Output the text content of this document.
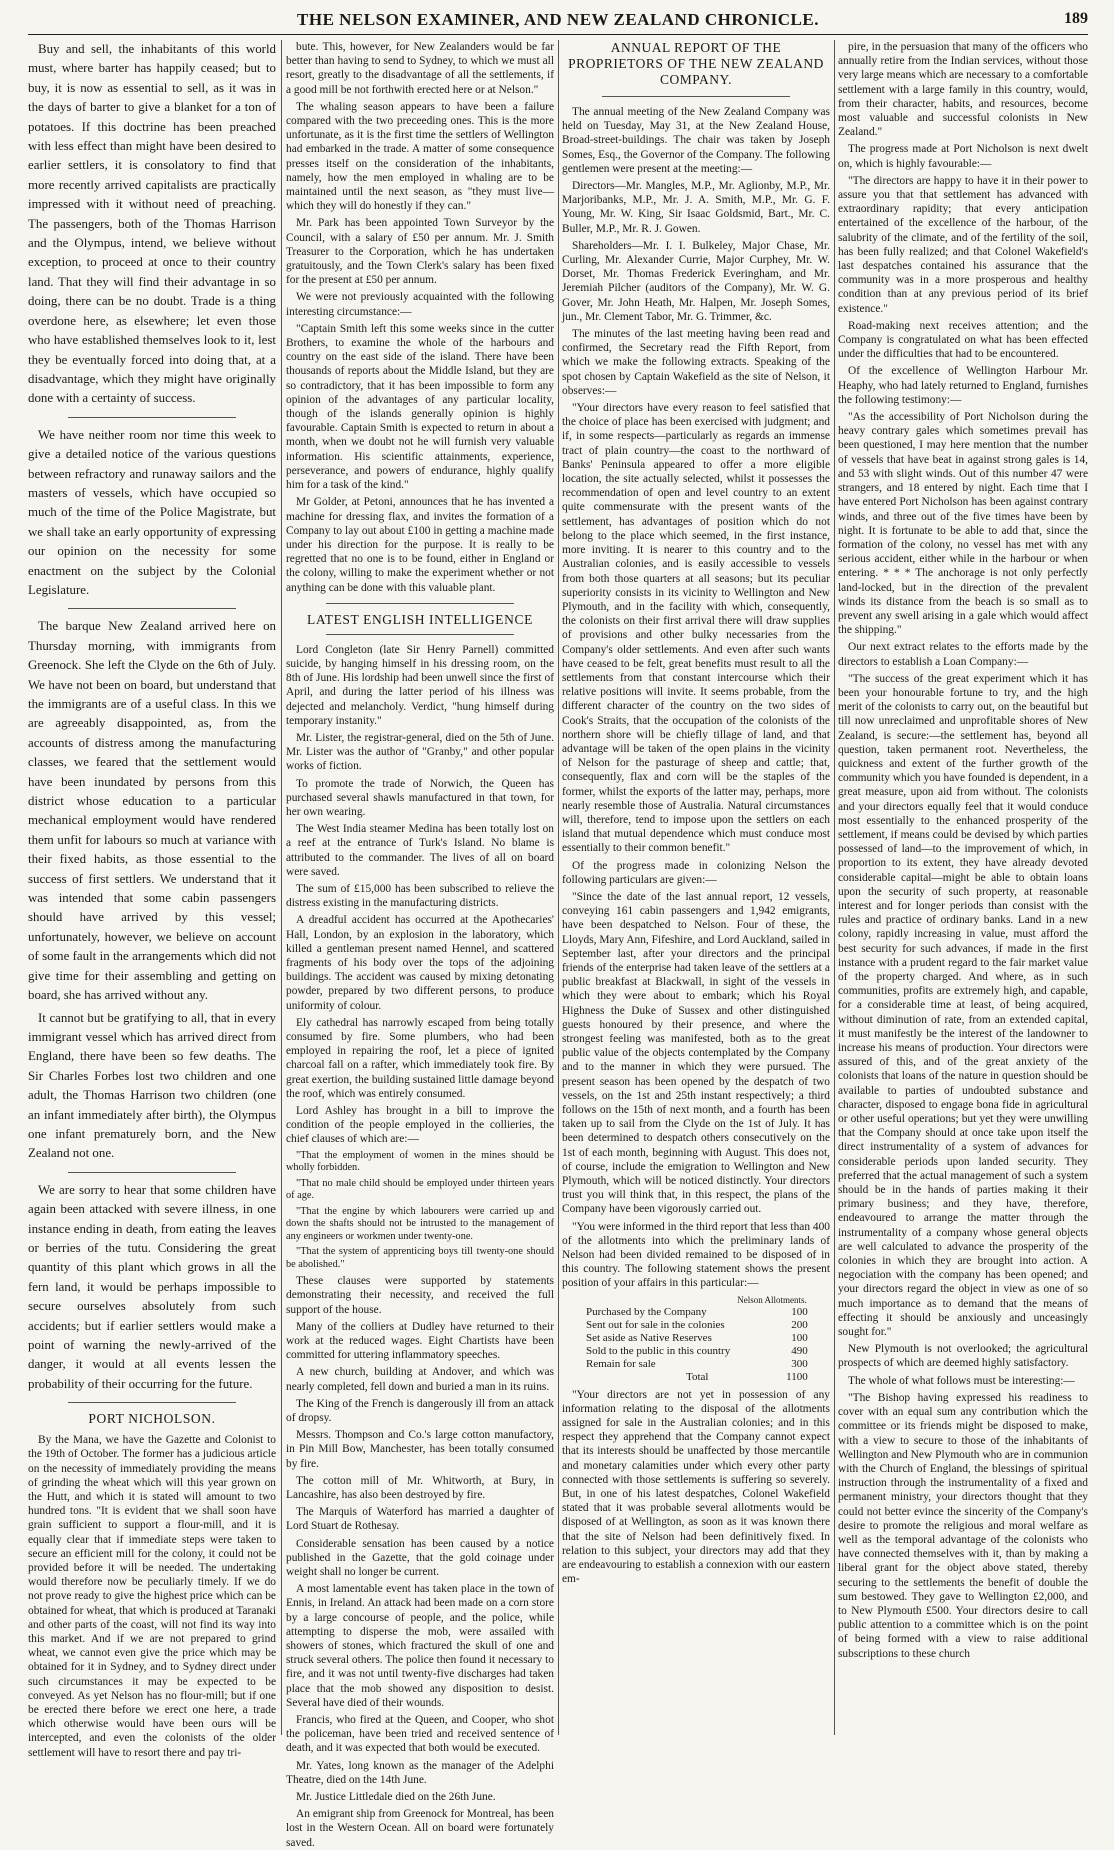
THE NELSON EXAMINER, AND NEW ZEALAND CHRONICLE.	189

Buy and sell, the inhabitants of this world must, where barter has happily ceased; but to buy, it is now as essential to sell, as it was in the days of barter to give a blanket for a ton of potatoes. If this doctrine has been preached with less effect than might have been desired to earlier settlers, it is consolatory to find that more recently arrived capitalists are practically impressed with it without need of preaching. The passengers, both of the Thomas Harrison and the Olympus, intend, we believe without exception, to proceed at once to their country land. That they will find their advantage in so doing, there can be no doubt. Trade is a thing overdone here, as elsewhere; let even those who have established themselves look to it, lest they be eventually forced into doing that, at a disadvantage, which they might have originally done with a certainty of success.

We have neither room nor time this week to give a detailed notice of the various questions between refractory and runaway sailors and the masters of vessels, which have occupied so much of the time of the Police Magistrate, but we shall take an early opportunity of expressing our opinion on the necessity for some enactment on the subject by the Colonial Legislature.

The barque New Zealand arrived here on Thursday morning, with immigrants from Greenock. She left the Clyde on the 6th of July. We have not been on board, but understand that the immigrants are of a useful class. In this we are agreeably disappointed, as, from the accounts of distress among the manufacturing classes, we feared that the settlement would have been inundated by persons from this district whose education to a particular mechanical employment would have rendered them unfit for labours so much at variance with their fixed habits, as those essential to the success of first settlers. We understand that it was intended that some cabin passengers should have arrived by this vessel; unfortunately, however, we believe on account of some fault in the arrangements which did not give time for their assembling and getting on board, she has arrived without any.

It cannot but be gratifying to all, that in every immigrant vessel which has arrived direct from England, there have been so few deaths. The Sir Charles Forbes lost two children and one adult, the Thomas Harrison two children (one an infant immediately after birth), the Olympus one infant prematurely born, and the New Zealand not one.

We are sorry to hear that some children have again been attacked with severe illness, in one instance ending in death, from eating the leaves or berries of the tutu. Considering the great quantity of this plant which grows in all the fern land, it would be perhaps impossible to secure ourselves absolutely from such accidents; but if earlier settlers would make a point of warning the newly-arrived of the danger, it would at all events lessen the probability of their occurring for the future.

PORT NICHOLSON.

By the Mana, we have the Gazette and Colonist to the 19th of October. The former has a judicious article on the necessity of immediately providing the means of grinding the wheat which will this year grown on the Hutt, and which it is stated will amount to two hundred tons. "It is evident that we shall soon have grain sufficient to support a flour-mill, and it is equally clear that if immediate steps were taken to secure an efficient mill for the colony, it could not be provided before it will be needed. The undertaking would therefore now be peculiarly timely. If we do not prove ready to give the highest price which can be obtained for wheat, that which is produced at Taranaki and other parts of the coast, will not find its way into this market. And if we are not prepared to grind wheat, we cannot even give the price which may be obtained for it in Sydney, and to Sydney direct under such circumstances it may be expected to be conveyed. As yet Nelson has no flour-mill; but if one be erected there before we erect one here, a trade which otherwise would have been ours will be intercepted, and even the colonists of the older settlement will have to resort there and pay tri-

bute. This, however, for New Zealanders would be far better than having to send to Sydney, to which we must all resort, greatly to the disadvantage of all the settlements, if a good mill be not forthwith erected here or at Nelson."

The whaling season appears to have been a failure compared with the two preceeding ones. This is the more unfortunate, as it is the first time the settlers of Wellington had embarked in the trade. A matter of some consequence presses itself on the consideration of the inhabitants, namely, how the men employed in whaling are to be maintained until the next season, as "they must live—which they will do honestly if they can."

Mr. Park has been appointed Town Surveyor by the Council, with a salary of £50 per annum. Mr. J. Smith Treasurer to the Corporation, which he has undertaken gratuitously, and the Town Clerk's salary has been fixed for the present at £50 per annum.

We were not previously acquainted with the following interesting circumstance:—

"Captain Smith left this some weeks since in the cutter Brothers, to examine the whole of the harbours and country on the east side of the island. There have been thousands of reports about the Middle Island, but they are so contradictory, that it has been impossible to form any opinion of the advantages of any particular locality, though of the islands generally opinion is highly favourable. Captain Smith is expected to return in about a month, when we doubt not he will furnish very valuable information. His scientific attainments, experience, perseverance, and powers of endurance, highly qualify him for a task of the kind."

Mr Golder, at Petoni, announces that he has invented a machine for dressing flax, and invites the formation of a Company to lay out about £100 in getting a machine made under his direction for the purpose. It is really to be regretted that no one is to be found, either in England or the colony, willing to make the experiment whether or not anything can be done with this valuable plant.

LATEST ENGLISH INTELLIGENCE

Lord Congleton (late Sir Henry Parnell) committed suicide, by hanging himself in his dressing room, on the 8th of June. His lordship had been unwell since the first of April, and during the latter period of his illness was dejected and melancholy. Verdict, "hung himself during temporary instanity."

Mr. Lister, the registrar-general, died on the 5th of June. Mr. Lister was the author of "Granby," and other popular works of fiction.

To promote the trade of Norwich, the Queen has purchased several shawls manufactured in that town, for her own wearing.

The West India steamer Medina has been totally lost on a reef at the entrance of Turk's Island. No blame is attributed to the commander. The lives of all on board were saved.

The sum of £15,000 has been subscribed to relieve the distress existing in the manufacturing districts.

A dreadful accident has occurred at the Apothecaries' Hall, London, by an explosion in the laboratory, which killed a gentleman present named Hennel, and scattered fragments of his body over the tops of the adjoining buildings. The accident was caused by mixing detonating powder, prepared by two different persons, to produce uniformity of colour.

Ely cathedral has narrowly escaped from being totally consumed by fire. Some plumbers, who had been employed in repairing the roof, let a piece of ignited charcoal fall on a rafter, which immediately took fire. By great exertion, the building sustained little damage beyond the roof, which was entirely consumed.

Lord Ashley has brought in a bill to improve the condition of the people employed in the collieries, the chief clauses of which are:—

"That the employment of women in the mines should be wholly forbidden.

"That no male child should be employed under thirteen years of age.

"That the engine by which labourers were carried up and down the shafts should not be intrusted to the management of any engineers or workmen under twenty-one.

"That the system of apprenticing boys till twenty-one should be abolished."

These clauses were supported by statements demonstrating their necessity, and received the full support of the house.

Many of the colliers at Dudley have returned to their work at the reduced wages. Eight Chartists have been committed for uttering inflammatory speeches.

A new church, building at Andover, and which was nearly completed, fell down and buried a man in its ruins.

The King of the French is dangerously ill from an attack of dropsy.

Messrs. Thompson and Co.'s large cotton manufactory, in Pin Mill Bow, Manchester, has been totally consumed by fire.

The cotton mill of Mr. Whitworth, at Bury, in Lancashire, has also been destroyed by fire.

The Marquis of Waterford has married a daughter of Lord Stuart de Rothesay.

Considerable sensation has been caused by a notice published in the Gazette, that the gold coinage under weight shall no longer be current.

A most lamentable event has taken place in the town of Ennis, in Ireland. An attack had been made on a corn store by a large concourse of people, and the police, while attempting to disperse the mob, were assailed with showers of stones, which fractured the skull of one and struck several others. The police then found it necessary to fire, and it was not until twenty-five discharges had taken place that the mob showed any disposition to desist. Several have died of their wounds.

Francis, who fired at the Queen, and Cooper, who shot the policeman, have been tried and received sentence of death, and it was expected that both would be executed.

Mr. Yates, long known as the manager of the Adelphi Theatre, died on the 14th June.

Mr. Justice Littledale died on the 26th June.

An emigrant ship from Greenock for Montreal, has been lost in the Western Ocean. All on board were fortunately saved.

ANNUAL REPORT OF THE PROPRIETORS OF THE NEW ZEALAND COMPANY.

The annual meeting of the New Zealand Company was held on Tuesday, May 31, at the New Zealand House, Broad-street-buildings. The chair was taken by Joseph Somes, Esq., the Governor of the Company. The following gentlemen were present at the meeting:—

Directors—Mr. Mangles, M.P., Mr. Aglionby, M.P., Mr. Marjoribanks, M.P., Mr. J. A. Smith, M.P., Mr. G. F. Young, Mr. W. King, Sir Isaac Goldsmid, Bart., Mr. C. Buller, M.P., Mr. R. J. Gowen.

Shareholders—Mr. I. I. Bulkeley, Major Chase, Mr. Curling, Mr. Alexander Currie, Major Curphey, Mr. W. Dorset, Mr. Thomas Frederick Everingham, and Mr. Jeremiah Pilcher (auditors of the Company), Mr. W. G. Gover, Mr. John Heath, Mr. Halpen, Mr. Joseph Somes, jun., Mr. Clement Tabor, Mr. G. Trimmer, &c.

The minutes of the last meeting having been read and confirmed, the Secretary read the Fifth Report, from which we make the following extracts. Speaking of the spot chosen by Captain Wakefield as the site of Nelson, it observes:—

"Your directors have every reason to feel satisfied that the choice of place has been exercised with judgment; and if, in some respects—particularly as regards an immense tract of plain country—the coast to the northward of Banks' Peninsula appeared to offer a more eligible location, the site actually selected, whilst it possesses the recommendation of open and level country to an extent quite commensurate with the present wants of the settlement, has advantages of position which do not belong to the place which seemed, in the first instance, more inviting. It is nearer to this country and to the Australian colonies, and is easily accessible to vessels from both those quarters at all seasons; but its peculiar superiority consists in its vicinity to Wellington and New Plymouth, and in the facility with which, consequently, the colonists on their first arrival there will draw supplies of provisions and other bulky necessaries from the Company's older settlements. And even after such wants have ceased to be felt, great benefits must result to all the settlements from that constant intercourse which their relative positions will invite. It seems probable, from the different character of the country on the two sides of Cook's Straits, that the occupation of the colonists of the northern shore will be chiefly tillage of land, and that advantage will be taken of the open plains in the vicinity of Nelson for the pasturage of sheep and cattle; that, consequently, flax and corn will be the staples of the former, whilst the exports of the latter may, perhaps, more nearly resemble those of Australia. Natural circumstances will, therefore, tend to impose upon the settlers on each island that mutual dependence which must conduce most essentially to their common benefit."

Of the progress made in colonizing Nelson the following particulars are given:—

"Since the date of the last annual report, 12 vessels, conveying 161 cabin passengers and 1,942 emigrants, have been despatched to Nelson. Four of these, the Lloyds, Mary Ann, Fifeshire, and Lord Auckland, sailed in September last, after your directors and the principal friends of the enterprise had taken leave of the settlers at a public breakfast at Blackwall, in sight of the vessels in which they were about to embark; which his Royal Highness the Duke of Sussex and other distinguished guests honoured by their presence, and where the strongest feeling was manifested, both as to the great public value of the objects contemplated by the Company and to the manner in which they were pursued. The present season has been opened by the despatch of two vessels, on the 1st and 25th instant respectively; a third follows on the 15th of next month, and a fourth has been taken up to sail from the Clyde on the 1st of July. It has been determined to despatch others consecutively on the 1st of each month, beginning with August. This does not, of course, include the emigration to Wellington and New Plymouth, which will be noticed distinctly. Your directors trust you will think that, in this respect, the plans of the Company have been vigorously carried out.

"You were informed in the third report that less than 400 of the allotments into which the preliminary lands of Nelson had been divided remained to be disposed of in this country. The following statement shows the present position of your affairs in this particular:—

	Nelson Allotments.
Purchased by the Company	100
Sent out for sale in the colonies	200
Set aside as Native Reserves	100
Sold to the public in this country	490
Remain for sale	300
Total	1100

"Your directors are not yet in possession of any information relating to the disposal of the allotments assigned for sale in the Australian colonies; and in this respect they apprehend that the Company cannot expect that its interests should be unaffected by those mercantile and monetary calamities under which every other party connected with those settlements is suffering so severely. But, in one of his latest despatches, Colonel Wakefield stated that it was probable several allotments would be disposed of at Wellington, as soon as it was known there that the site of Nelson had been definitively fixed. In relation to this subject, your directors may add that they are endeavouring to establish a connexion with our eastern em-

pire, in the persuasion that many of the officers who annually retire from the Indian services, without those very large means which are necessary to a comfortable settlement with a large family in this country, would, from their character, habits, and resources, become most valuable and successful colonists in New Zealand."

The progress made at Port Nicholson is next dwelt on, which is highly favourable:—

"The directors are happy to have it in their power to assure you that that settlement has advanced with extraordinary rapidity; that every anticipation entertained of the excellence of the harbour, of the salubrity of the climate, and of the fertility of the soil, has been fully realized; and that Colonel Wakefield's last despatches contained his assurance that the community was in a more prosperous and healthy condition than at any previous period of its brief existence."

Road-making next receives attention; and the Company is congratulated on what has been effected under the difficulties that had to be encountered.

Of the excellence of Wellington Harbour Mr. Heaphy, who had lately returned to England, furnishes the following testimony:—

"As the accessibility of Port Nicholson during the heavy contrary gales which sometimes prevail has been questioned, I may here mention that the number of vessels that have beat in against strong gales is 14, and 53 with slight winds. Out of this number 47 were strangers, and 18 entered by night. Each time that I have entered Port Nicholson has been against contrary winds, and three out of the five times have been by night. It is fortunate to be able to add that, since the formation of the colony, no vessel has met with any serious accident, either while in the harbour or when entering. * * * The anchorage is not only perfectly land-locked, but in the direction of the prevalent winds its distance from the beach is so small as to prevent any swell arising in a gale which would affect the shipping."

Our next extract relates to the efforts made by the directors to establish a Loan Company:—

"The success of the great experiment which it has been your honourable fortune to try, and the high merit of the colonists to carry out, on the beautiful but till now unreclaimed and unprofitable shores of New Zealand, is secure:—the settlement has, beyond all question, taken permanent root. Nevertheless, the quickness and extent of the further growth of the community which you have founded is dependent, in a great measure, upon aid from without. The colonists and your directors equally feel that it would conduce most essentially to the enhanced prosperity of the settlement, if means could be devised by which parties possessed of land—to the improvement of which, in proportion to its extent, they have already devoted considerable capital—might be able to obtain loans upon the security of such property, at reasonable interest and for longer periods than consist with the rules and practice of ordinary banks. Land in a new colony, rapidly increasing in value, must afford the best security for such advances, if made in the first instance with a prudent regard to the fair market value of the property charged. And where, as in such communities, profits are extremely high, and capable, for a considerable time at least, of being acquired, without diminution of rate, from an extended capital, it must manifestly be the interest of the landowner to increase his means of production. Your directors were assured of this, and of the great anxiety of the colonists that loans of the nature in question should be available to parties of undoubted substance and character, disposed to engage bona fide in agricultural or other useful operations; but yet they were unwilling that the Company should at once take upon itself the direct instrumentality of a system of advances for considerable periods upon landed security. They preferred that the actual management of such a system should be in the hands of parties making it their primary business; and they have, therefore, endeavoured to arrange the matter through the instrumentality of a company whose general objects are well calculated to advance the prosperity of the colonies in which they are brought into action. A negociation with the company has been opened; and your directors regard the object in view as one of so much importance as to demand that the means of effecting it should be anxiously and unceasingly sought for."

New Plymouth is not overlooked; the agricultural prospects of which are deemed highly satisfactory.

The whole of what follows must be interesting:—

"The Bishop having expressed his readiness to cover with an equal sum any contribution which the committee or its friends might be disposed to make, with a view to secure to those of the inhabitants of Wellington and New Plymouth who are in communion with the Church of England, the blessings of spiritual instruction through the instrumentality of a fixed and permanent ministry, your directors thought that they could not better evince the sincerity of the Company's desire to promote the religious and moral welfare as well as the temporal advantage of the colonists who have connected themselves with it, than by making a liberal grant for the object above stated, thereby securing to the settlements the benefit of double the sum bestowed. They gave to Wellington £2,000, and to New Plymouth £500. Your directors desire to call public attention to a committee which is on the point of being formed with a view to raise additional subscriptions to these church
